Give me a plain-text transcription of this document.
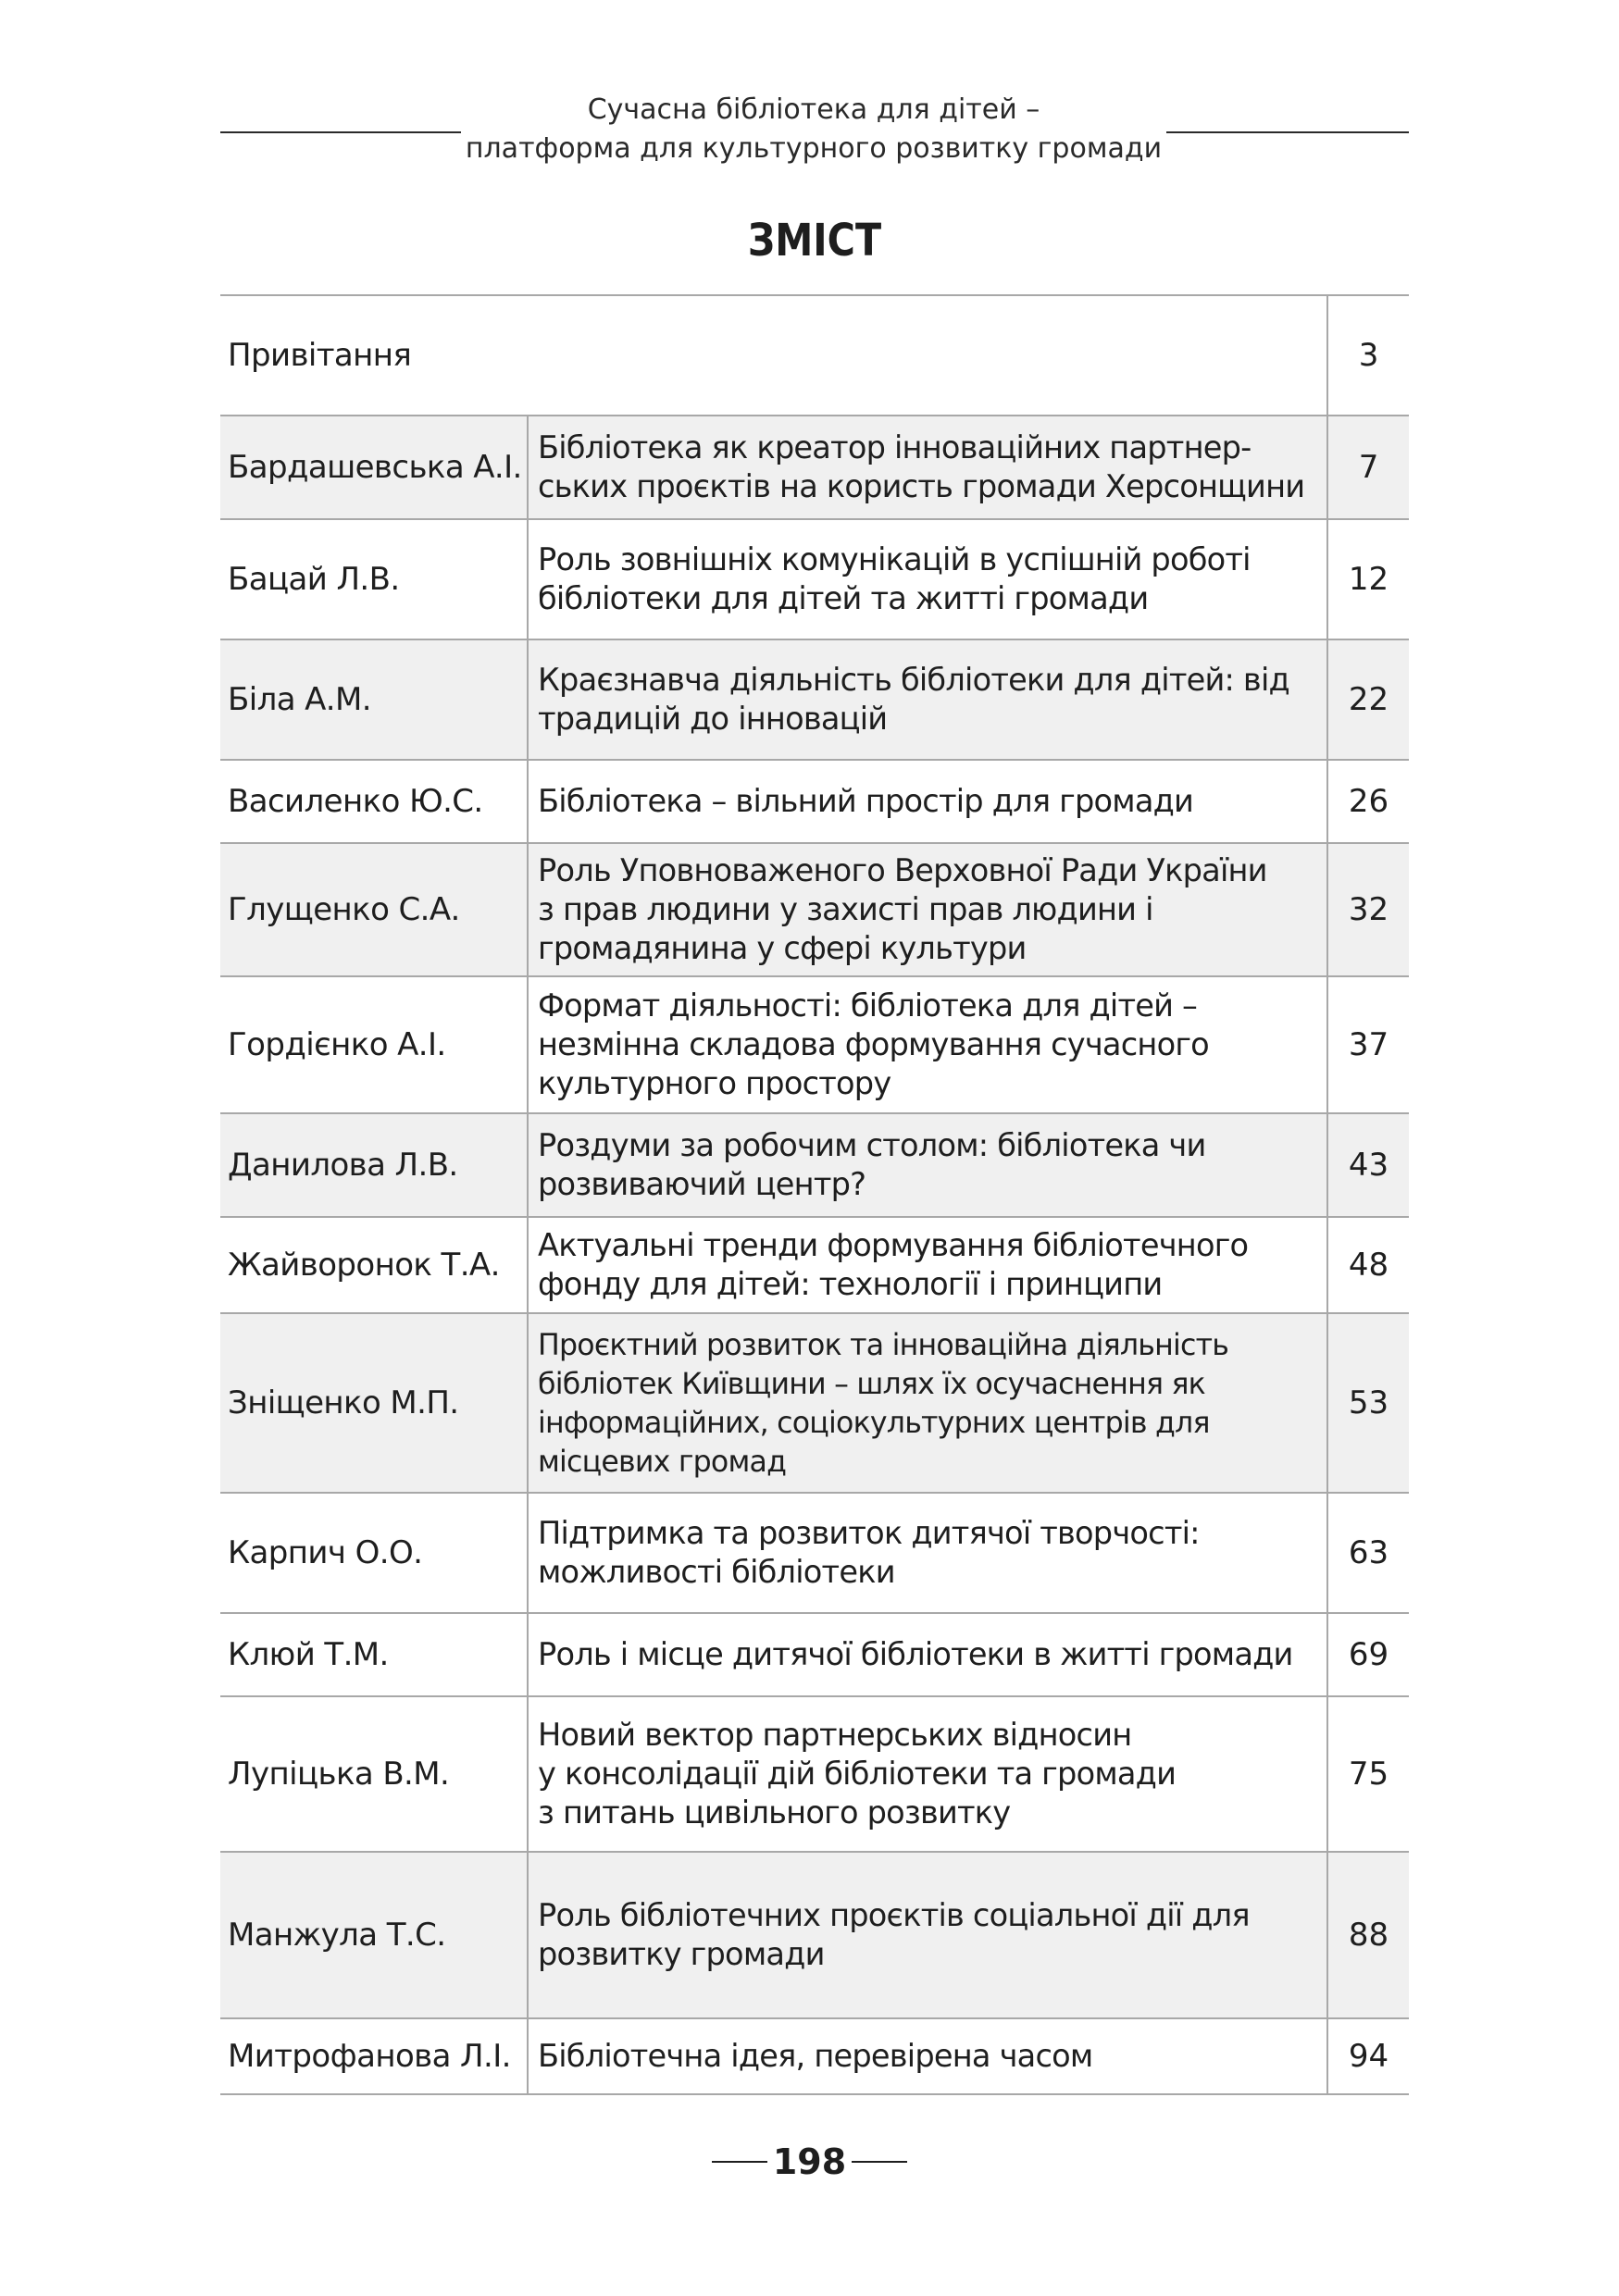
Сучасна бібліотека для дітей –
платформа для культурного розвитку громади
ЗМІСТ
Привітання		3
Бардашевська А.І.	Бібліотека як креатор інноваційних партнер-
ських проєктів на користь громади Херсонщини	7
Бацай Л.В.	Роль зовнішніх комунікацій в успішній роботі
бібліотеки для дітей та житті громади	12
Біла А.М.	Краєзнавча діяльність бібліотеки для дітей: від
традицій до інновацій	22
Василенко Ю.С.	Бібліотека – вільний простір для громади	26
Глущенко С.А.	Роль Уповноваженого Верховної Ради України
з прав людини у захисті прав людини і
громадянина у сфері культури	32
Гордієнко А.І.	Формат діяльності: бібліотека для дітей –
незмінна складова формування сучасного
культурного простору	37
Данилова Л.В.	Роздуми за робочим столом: бібліотека чи
розвиваючий центр?	43
Жайворонок Т.А.	Актуальні тренди формування бібліотечного
фонду для дітей: технології і принципи	48
Зніщенко М.П.	Проєктний розвиток та інноваційна діяльність
бібліотек Київщини – шлях їх осучаснення як
інформаційних, соціокультурних центрів для
місцевих громад	53
Карпич О.О.	Підтримка та розвиток дитячої творчості:
можливості бібліотеки	63
Клюй Т.М.	Роль і місце дитячої бібліотеки в житті громади	69
Лупіцька В.М.	Новий вектор партнерських відносин
у консолідації дій бібліотеки та громади
з питань цивільного розвитку	75
Манжула Т.С.	Роль бібліотечних проєктів соціальної дії для
розвитку громади	88
Митрофанова Л.І.	Бібліотечна ідея, перевірена часом	94
198
